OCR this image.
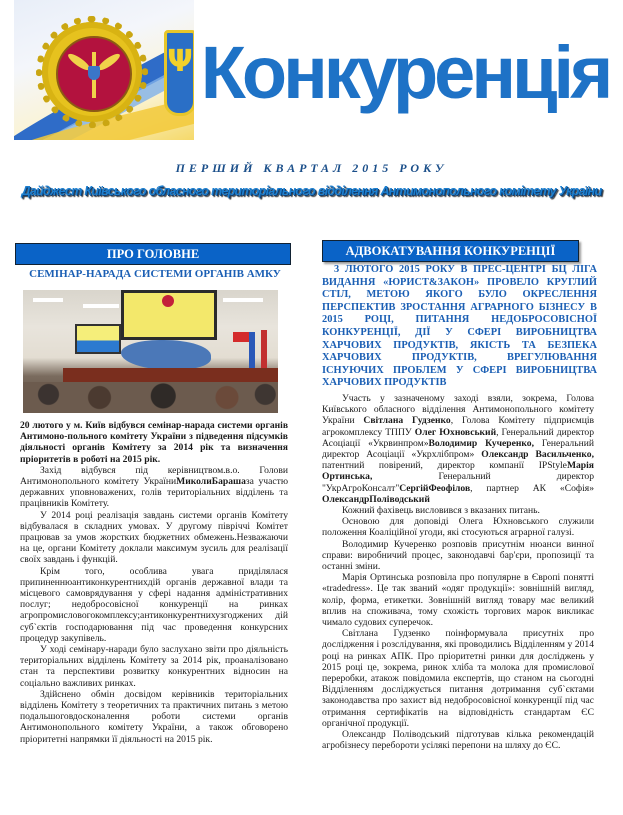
Ψ Конкуренція
ПЕРШИЙ КВАРТАЛ 2015 РОКУ
Дайджест Київського обласного територіального відділення Антимонопольного комітету України
ПРО ГОЛОВНЕ
СЕМІНАР-НАРАДА СИСТЕМИ ОРГАНІВ АМКУ

20 лютого у м. Київ відбувся семінар-нарада системи органів Антимоно-польного комітету України з підведення підсумків діяльності органів Комітету за 2014 рік та визначення пріоритетів в роботі на 2015 рік.

Захід відбувся під керівництвом.в.о. Голови Антимонопольного комітету УкраїниМиколиБарашаза участю державних уповноважених, голів територіальних відділень та працівників Комітету.

У 2014 році реалізація завдань системи органів Комітету відбувалася в складних умовах. У другому півріччі Комітет працював за умов жорстких бюджетних обмежень.Незважаючи на це, органи Комітету доклали максимум зусиль для реалізації своїх завдань і функцій.

Крім того, особлива увага приділялася припиненнюантиконкурентнихдій органів державної влади та місцевого самоврядування у сфері надання адміністративних послуг; недобросовісної конкуренції на ринках агропромисловогокомплексу;антиконкурентнихузгоджених дій суб`єктів господарювання під час проведення конкурсних процедур закупівель.

У ході семінару-наради було заслухано звіти про діяльність територіальних відділень Комітету за 2014 рік, проаналізовано стан та перспективи розвитку конкурентних відносин на соціально важливих ринках.

Здійснено обмін досвідом керівників територіальних відділень Комітету з теоретичних та практичних питань з метою подальшоговдосконалення роботи системи органів Антимонопольного комітету України, а також обговорено пріоритетні напрямки її діяльності на 2015 рік.

АДВОКАТУВАННЯ КОНКУРЕНЦІЇ
3 ЛЮТОГО 2015 РОКУ В ПРЕС-ЦЕНТРІ БЦ ЛІГА ВИДАННЯ «ЮРИСТ&ЗАКОН» ПРОВЕЛО КРУГЛИЙ СТІЛ, МЕТОЮ ЯКОГО БУЛО ОКРЕСЛЕННЯ ПЕРСПЕКТИВ ЗРОСТАННЯ АГРАРНОГО БІЗНЕСУ В 2015 РОЦІ, ПИТАННЯ НЕДОБРОСОВІСНОЇ КОНКУРЕНЦІЇ, ДІЇ У СФЕРІ ВИРОБНИЦТВА ХАРЧОВИХ ПРОДУКТІВ, ЯКІСТЬ ТА БЕЗПЕКА ХАРЧОВИХ ПРОДУКТІВ, ВРЕГУЛЮВАННЯ ІСНУЮЧИХ ПРОБЛЕМ У СФЕРІ ВИРОБНИЦТВА ХАРЧОВИХ ПРОДУКТІВ

Участь у зазначеному заході взяли, зокрема, Голова Київського обласного відділення Антимонопольного комітету України Світлана Гудзенко, Голова Комітету підприємців агрокомплексу ТППУ Олег Юхновський, Генеральний директор Асоціації «Укрвинпром»Володимир Кучеренко, Генеральний директор Асоціації «Укрхлібпром» Олександр Васильченко, патентний повірений, директор компанії IPStyleМарія Ортинська, Генеральний директор "УкрАгроКонсалт"СергійФеофілов, партнер АК «Софія» ОлександрПоліводський

Кожний фахівець висловився з вказаних питань.

Основою для доповіді Олега Юхновського служили положення Коаліційної угоди, які стосуються аграрної галузі.

Володимир Кучеренко розповів присутнім нюанси винної справи: виробничий процес, законодавчі бар'єри, пропозиції та останні зміни.

Марія Ортинська розповіла про популярне в Європі понятті «tradedress». Це так званий «одяг продукції»: зовнішній вигляд, колір, форма, етикетки. Зовнішній вигляд товару має великий вплив на споживача, тому схожість торгових марок викликає чимало судових суперечок.

Світлана Гудзенко поінформувала присутніх про дослідження і розслідування, які проводились Відділенням у 2014 році на ринках АПК. Про пріоритетні ринки для досліджень у 2015 році це, зокрема, ринок хліба та молока для промислової переробки, атакож повідомила експертів, що станом на сьогодні Відділенням досліджується питання дотримання суб`єктами законодавства про захист від недобросовісної конкуренції під час отримання сертифікатів на відповідність стандартам ЄС органічної продукції.

Олександр Поліводський підготував кілька рекомендацій агробізнесу переборoти усілякі перепони на шляху до ЄС.
